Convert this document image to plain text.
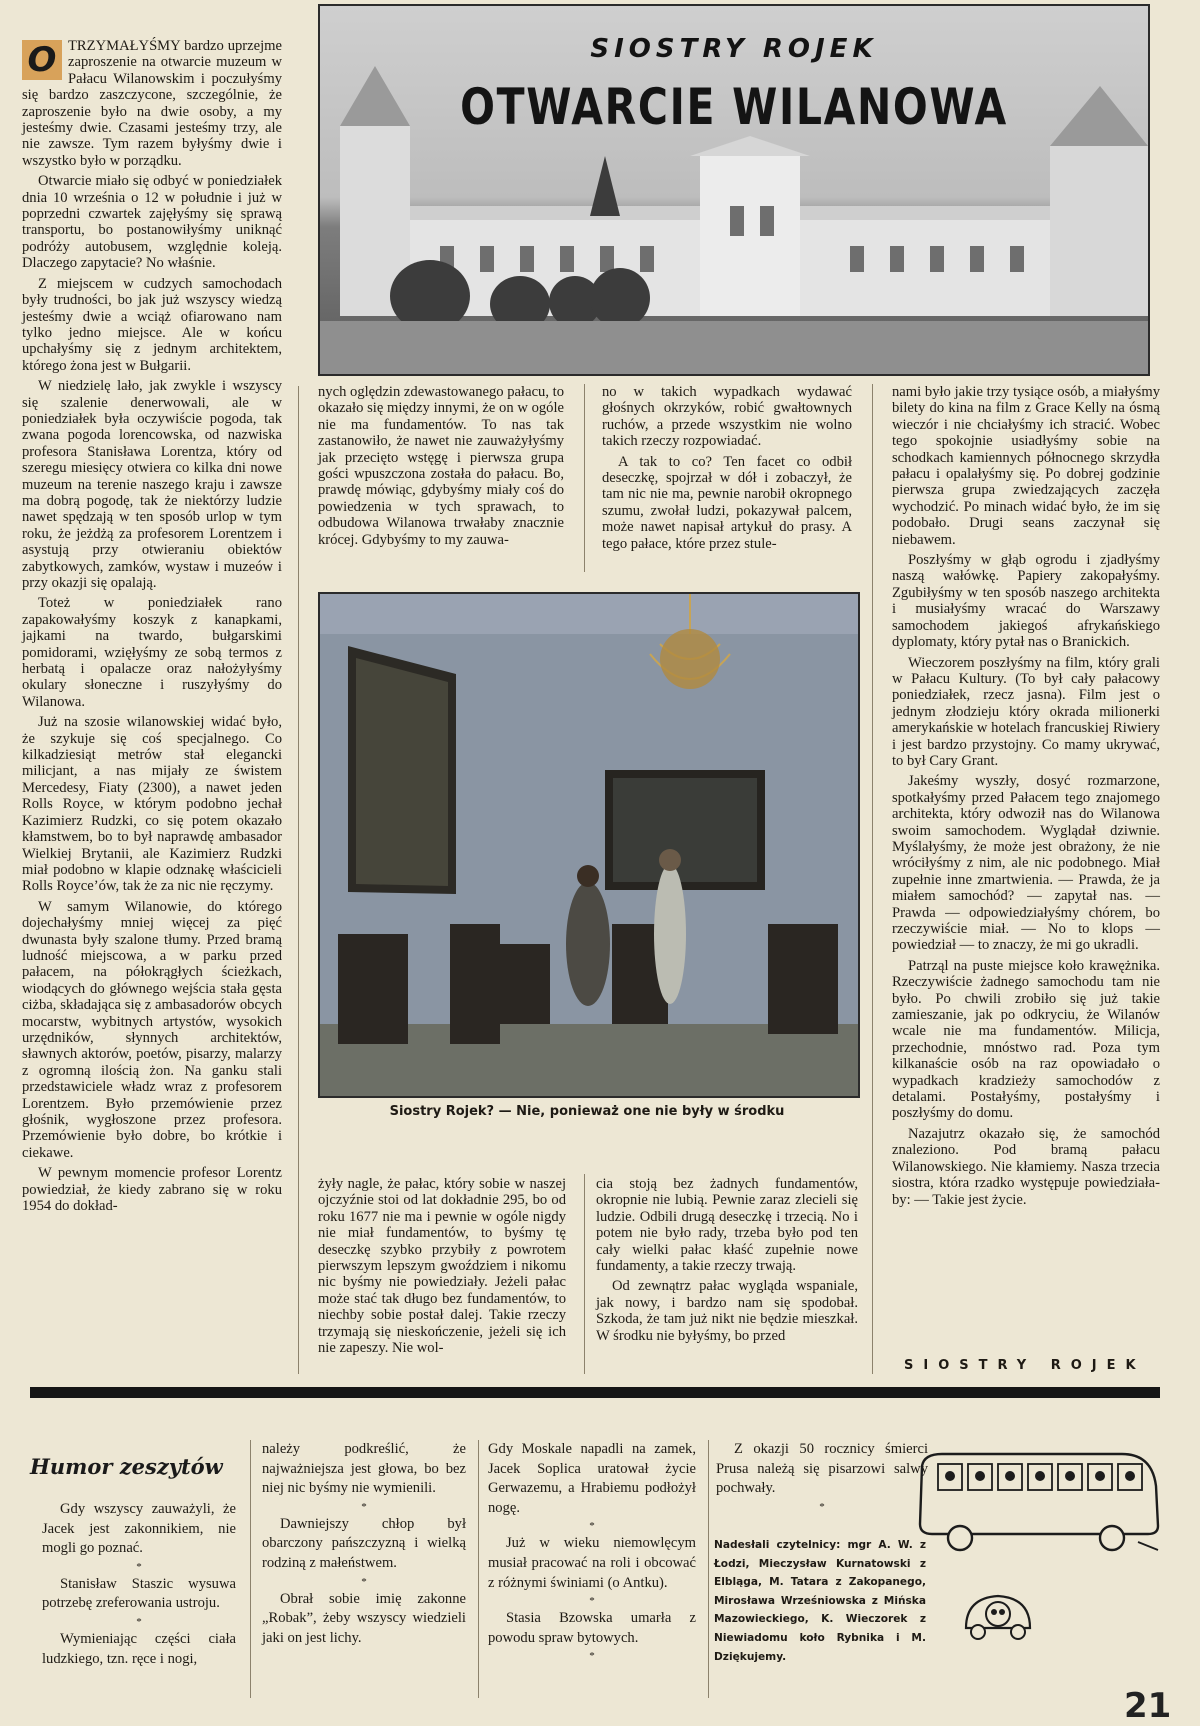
SIOSTRY ROJEK
OTWARCIE WILANOWA

O TRZYMAŁYŚMY bardzo uprzejme zaproszenie na otwarcie muzeum w Pałacu Wilanowskim i poczułyśmy się bardzo zaszczycone, szczególnie, że zaproszenie było na dwie osoby, a my jesteśmy dwie. Czasami jesteśmy trzy, ale nie zawsze. Tym razem byłyśmy dwie i wszystko było w porządku.

Otwarcie miało się odbyć w poniedziałek dnia 10 września o 12 w południe i już w poprzedni czwartek zajęłyśmy się sprawą transportu, bo postanowiłyśmy uniknąć podróży autobusem, względnie koleją. Dlaczego zapytacie? No właśnie.

Z miejscem w cudzych samochodach były trudności, bo jak już wszyscy wiedzą jesteśmy dwie a wciąż ofiarowano nam tylko jedno miejsce. Ale w końcu upchałyśmy się z jednym architektem, którego żona jest w Bułgarii.

W niedzielę lało, jak zwykle i wszyscy się szalenie denerwowali, ale w poniedziałek była oczywiście pogoda, tak zwana pogoda lorencowska, od nazwiska profesora Stanisława Lorentza, który od szeregu miesięcy otwiera co kilka dni nowe muzeum na terenie naszego kraju i zawsze ma dobrą pogodę, tak że niektórzy ludzie nawet spędzają w ten sposób urlop w tym roku, że jeżdżą za profesorem Lorentzem i asystują przy otwieraniu obiektów zabytkowych, zamków, wystaw i muzeów i przy okazji się opalają.

Toteż w poniedziałek rano zapakowałyśmy koszyk z kanapkami, jajkami na twardo, bułgarskimi pomidorami, wzięłyśmy ze sobą termos z herbatą i opalacze oraz nałożyłyśmy okulary słoneczne i ruszyłyśmy do Wilanowa.

Już na szosie wilanowskiej widać było, że szykuje się coś specjalnego. Co kilkadziesiąt metrów stał elegancki milicjant, a nas mijały ze świstem Mercedesy, Fiaty (2300), a nawet jeden Rolls Royce, w którym podobno jechał Kazimierz Rudzki, co się potem okazało kłamstwem, bo to był naprawdę ambasador Wielkiej Brytanii, ale Kazimierz Rudzki miał podobno w klapie odznakę właścicieli Rolls Royce’ów, tak że za nic nie ręczymy.

W samym Wilanowie, do którego dojechałyśmy mniej więcej za pięć dwunasta były szalone tłumy. Przed bramą ludność miejscowa, a w parku przed pałacem, na półokrągłych ścieżkach, wiodących do głównego wejścia stała gęsta ciżba, składająca się z ambasadorów obcych mocarstw, wybitnych artystów, wysokich urzędników, słynnych architektów, sławnych aktorów, poetów, pisarzy, malarzy z ogromną ilością żon. Na ganku stali przedstawiciele władz wraz z profesorem Lorentzem. Było przemówienie przez głośnik, wygłoszone przez profesora. Przemówienie było dobre, bo krótkie i ciekawe.

W pewnym momencie profesor Lorentz powiedział, że kiedy zabrano się w roku 1954 do dokład-

nych oględzin zdewastowanego pałacu, to okazało się między innymi, że on w ogóle nie ma fundamentów. To nas tak zastanowiło, że nawet nie zauważyłyśmy jak przecięto wstęgę i pierwsza grupa gości wpuszczona została do pałacu. Bo, prawdę mówiąc, gdybyśmy miały coś do powiedzenia w tych sprawach, to odbudowa Wilanowa trwałaby znacznie krócej. Gdybyśmy to my zauwa-

no w takich wypadkach wydawać głośnych okrzyków, robić gwałtownych ruchów, a przede wszystkim nie wolno takich rzeczy rozpowiadać.

A tak to co? Ten facet co odbił deseczkę, spojrzał w dół i zobaczył, że tam nic nie ma, pewnie narobił okropnego szumu, zwołał ludzi, pokazywał palcem, może nawet napisał artykuł do prasy. A tego pałace, które przez stule-

nami było jakie trzy tysiące osób, a miałyśmy bilety do kina na film z Grace Kelly na ósmą wieczór i nie chciałyśmy ich stracić. Wobec tego spokojnie usiadłyśmy sobie na schodkach kamiennych północnego skrzydła pałacu i opalałyśmy się. Po dobrej godzinie pierwsza grupa zwiedzających zaczęła wychodzić. Po minach widać było, że im się podobało. Drugi seans zaczynał się niebawem.

Poszłyśmy w głąb ogrodu i zjadłyśmy naszą wałówkę. Papiery zakopałyśmy. Zgubiłyśmy w ten sposób naszego architekta i musiałyśmy wracać do Warszawy samochodem jakiegoś afrykańskiego dyplomaty, który pytał nas o Branickich.

Wieczorem poszłyśmy na film, który grali w Pałacu Kultury. (To był cały pałacowy poniedziałek, rzecz jasna). Film jest o jednym złodzieju który okrada milionerki amerykańskie w hotelach francuskiej Riwiery i jest bardzo przystojny. Co mamy ukrywać, to był Cary Grant.

Jakeśmy wyszły, dosyć rozmarzone, spotkałyśmy przed Pałacem tego znajomego architekta, który odwoził nas do Wilanowa swoim samochodem. Wyglądał dziwnie. Myślałyśmy, że może jest obrażony, że nie wróciłyśmy z nim, ale nic podobnego. Miał zupełnie inne zmartwienia. — Prawda, że ja miałem samochód? — zapytał nas. — Prawda — odpowiedziałyśmy chórem, bo rzeczywiście miał. — No to klops — powiedział — to znaczy, że mi go ukradli.

Patrząl na puste miejsce koło krawężnika. Rzeczywiście żadnego samochodu tam nie było. Po chwili zrobiło się już takie zamieszanie, jak po odkryciu, że Wilanów wcale nie ma fundamentów. Milicja, przechodnie, mnóstwo rad. Poza tym kilkanaście osób na raz opowiadało o wypadkach kradzieży samochodów z detalami. Postałyśmy, postałyśmy i poszłyśmy do domu.

Nazajutrz okazało się, że samochód znaleziono. Pod bramą pałacu Wilanowskiego. Nie kłamiemy. Nasza trzecia siostra, która rzadko występuje powiedziała-by: — Takie jest życie.

Siostry Rojek? — Nie, ponieważ one nie były w środku

żyły nagle, że pałac, który sobie w naszej ojczyźnie stoi od lat dokładnie 295, bo od roku 1677 nie ma i pewnie w ogóle nigdy nie miał fundamentów, to byśmy tę deseczkę szybko przybiły z powrotem pierwszym lepszym gwoździem i nikomu nic byśmy nie powiedziały. Jeżeli pałac może stać tak długo bez fundamentów, to niechby sobie postał dalej. Takie rzeczy trzymają się nieskończenie, jeżeli się ich nie zapeszy. Nie wol-

cia stoją bez żadnych fundamentów, okropnie nie lubią. Pewnie zaraz zlecieli się ludzie. Odbili drugą deseczkę i trzecią. No i potem nie było rady, trzeba było pod ten cały wielki pałac kłaść zupełnie nowe fundamenty, a takie rzeczy trwają.

Od zewnątrz pałac wygląda wspaniale, jak nowy, i bardzo nam się spodobał. Szkoda, że tam już nikt nie będzie mieszkał. W środku nie byłyśmy, bo przed

SIOSTRY ROJEK
Humor zeszytów

Gdy wszyscy zauważyli, że Jacek jest zakonnikiem, nie mogli go poznać.

*

Stanisław Staszic wysuwa potrzebę zreferowania ustroju.

*

Wymieniając części ciała ludzkiego, tzn. ręce i nogi,

należy podkreślić, że najważniejsza jest głowa, bo bez niej nic byśmy nie wymienili.

*

Dawniejszy chłop był obarczony pańszczyzną i wielką rodziną z małeństwem.

*

Obrał sobie imię zakonne „Robak”, żeby wszyscy wiedzieli jaki on jest lichy.

Gdy Moskale napadli na zamek, Jacek Soplica uratował życie Gerwazemu, a Hrabiemu podłożył nogę.

*

Już w wieku niemowlęcym musiał pracować na roli i obcować z różnymi świniami (o Antku).

*

Stasia Bzowska umarła z powodu spraw bytowych.

*

Z okazji 50 rocznicy śmierci Prusa należą się pisarzowi salwy pochwały.

*
Nadesłali czytelnicy: mgr A. W. z Łodzi, Mieczysław Kurnatowski z Elbląga, M. Tatara z Zakopanego, Mirosława Wrześniowska z Mińska Mazowieckiego, K. Wieczorek z Niewiadomu koło Rybnika i M. Dziękujemy.
21
